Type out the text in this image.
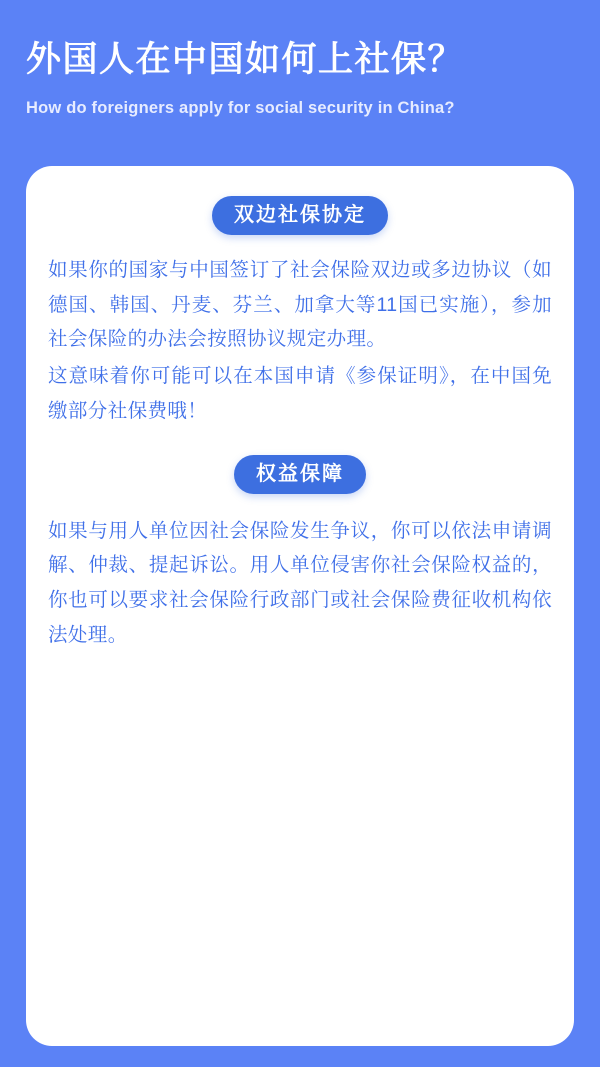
外国人在中国如何上社保？

How do foreigners apply for social security in China?

双边社保协定

如果你的国家与中国签订了社会保险双边或多边协议（如德国、韩国、丹麦、芬兰、加拿大等11国已实施），参加社会保险的办法会按照协议规定办理。

这意味着你可能可以在本国申请《参保证明》，在中国免缴部分社保费哦！

权益保障

如果与用人单位因社会保险发生争议，你可以依法申请调解、仲裁、提起诉讼。用人单位侵害你社会保险权益的，你也可以要求社会保险行政部门或社会保险费征收机构依法处理。
